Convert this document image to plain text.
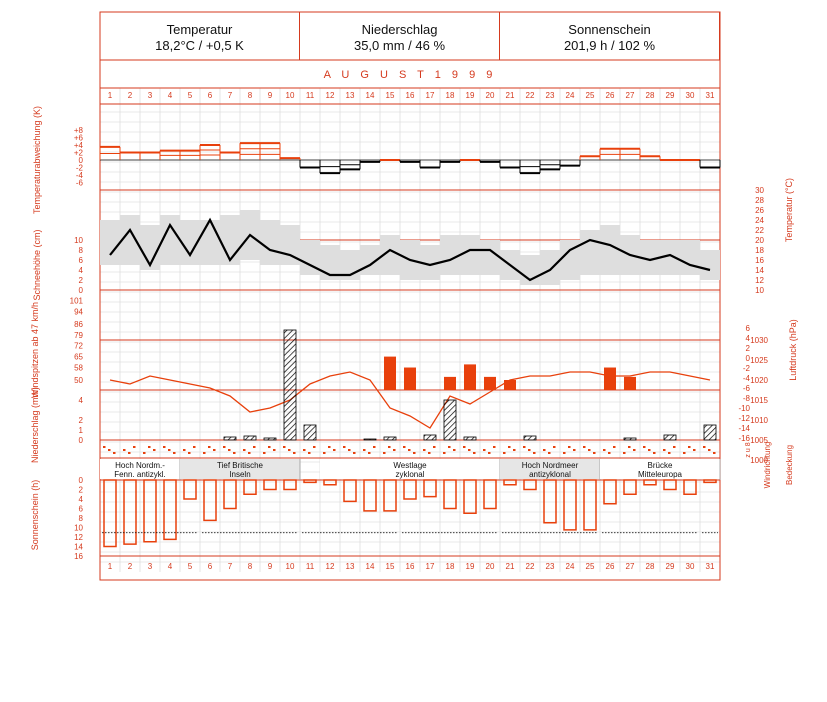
Temperatur
18,2°C / +0,5 K
Niederschlag
35,0 mm / 46 %
Sonnenschein
201,9 h / 102 %
A U G U S T 1 9 9 9
1
1
2
2
3
3
4
4
5
5
6
6
7
7
8
8
9
9
10
10
11
11
12
12
13
13
14
14
15
15
16
16
17
17
18
18
19
19
20
20
21
21
22
22
23
23
24
24
25
25
26
26
27
27
28
28
29
29
30
30
31
31
+8
+6
+4
+2
0
-2
-4
-6
Temperaturabweichung (K)	30
28
26
24
22
20
18
16
14
12
10
Temperatur (°C)
10
8
6
4
2
0
Schneehöhe (cm)
101
94
86
79
72
65
58
50
Windspitzen ab 47 km/h	1030
1025
1020
1015
1010
1005
1000
6
4
2
0
-2
-4
-6
-8
-10
-12
-14
-16
Luftdruck (hPa)
4
2
1
0
Niederschlag (mm)	z u 8 Windrichtung Bedeckung
Hoch Nordm.-
Fenn. antizykl.
Tief Britische
Inseln
Westlage
zyklonal
Hoch Nordmeer
antizyklonal
Brücke
Mitteleuropa
0
2
4
6
8
10
12
14
16
Sonnenschein (h)
